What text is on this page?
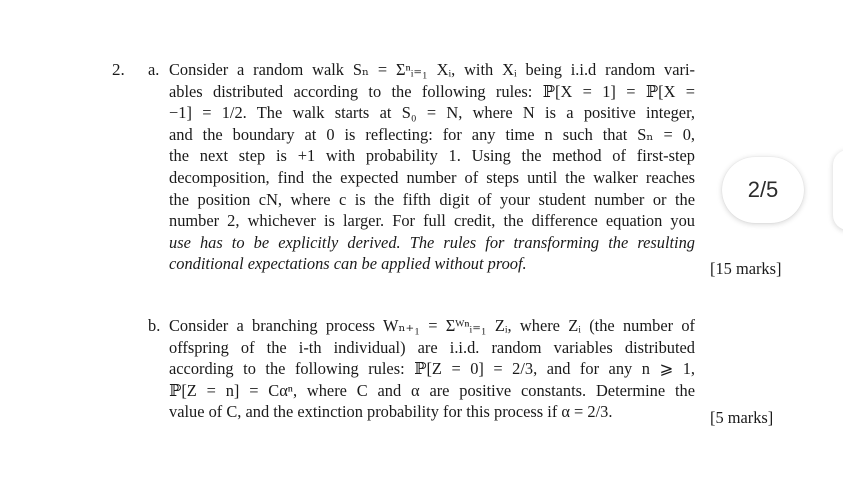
2. a. Consider a random walk Sₙ = Σⁿᵢ₌₁ Xᵢ, with Xᵢ being i.i.d random vari-
ables distributed according to the following rules: ℙ[X = 1] = ℙ[X =
−1] = 1/2. The walk starts at S₀ = N, where N is a positive integer,
and the boundary at 0 is reflecting: for any time n such that Sₙ = 0,
the next step is +1 with probability 1. Using the method of first-step
decomposition, find the expected number of steps until the walker reaches
the position cN, where c is the fifth digit of your student number or the
number 2, whichever is larger. For full credit, the difference equation you
use has to be explicitly derived. The rules for transforming the resulting
conditional expectations can be applied without proof.	[15 marks]
b. Consider a branching process Wₙ₊₁ = Σᵂⁿᵢ₌₁ Zᵢ, where Zᵢ (the number of
offspring of the i-th individual) are i.i.d. random variables distributed
according to the following rules: ℙ[Z = 0] = 2/3, and for any n ⩾ 1,
ℙ[Z = n] = Cαⁿ, where C and α are positive constants. Determine the
value of C, and the extinction probability for this process if α = 2/3.	[5 marks]
2/5
